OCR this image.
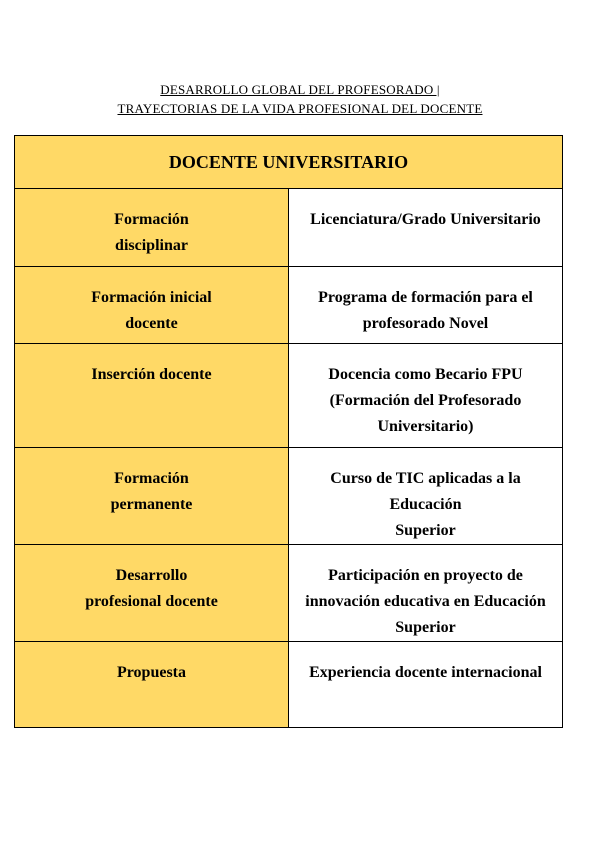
DESARROLLO GLOBAL DEL PROFESORADO |
TRAYECTORIAS DE LA VIDA PROFESIONAL DEL DOCENTE
DOCENTE UNIVERSITARIO	

Formación
disciplinar	Licenciatura/Grado Universitario

Formación inicial
docente	Programa de formación para el
profesorado Novel

Inserción docente	Docencia como Becario FPU
(Formación del Profesorado
Universitario)

Formación
permanente	Curso de TIC aplicadas a la Educación
Superior

Desarrollo
profesional docente	Participación en proyecto de
innovación educativa en Educación
Superior

Propuesta	Experiencia docente internacional
